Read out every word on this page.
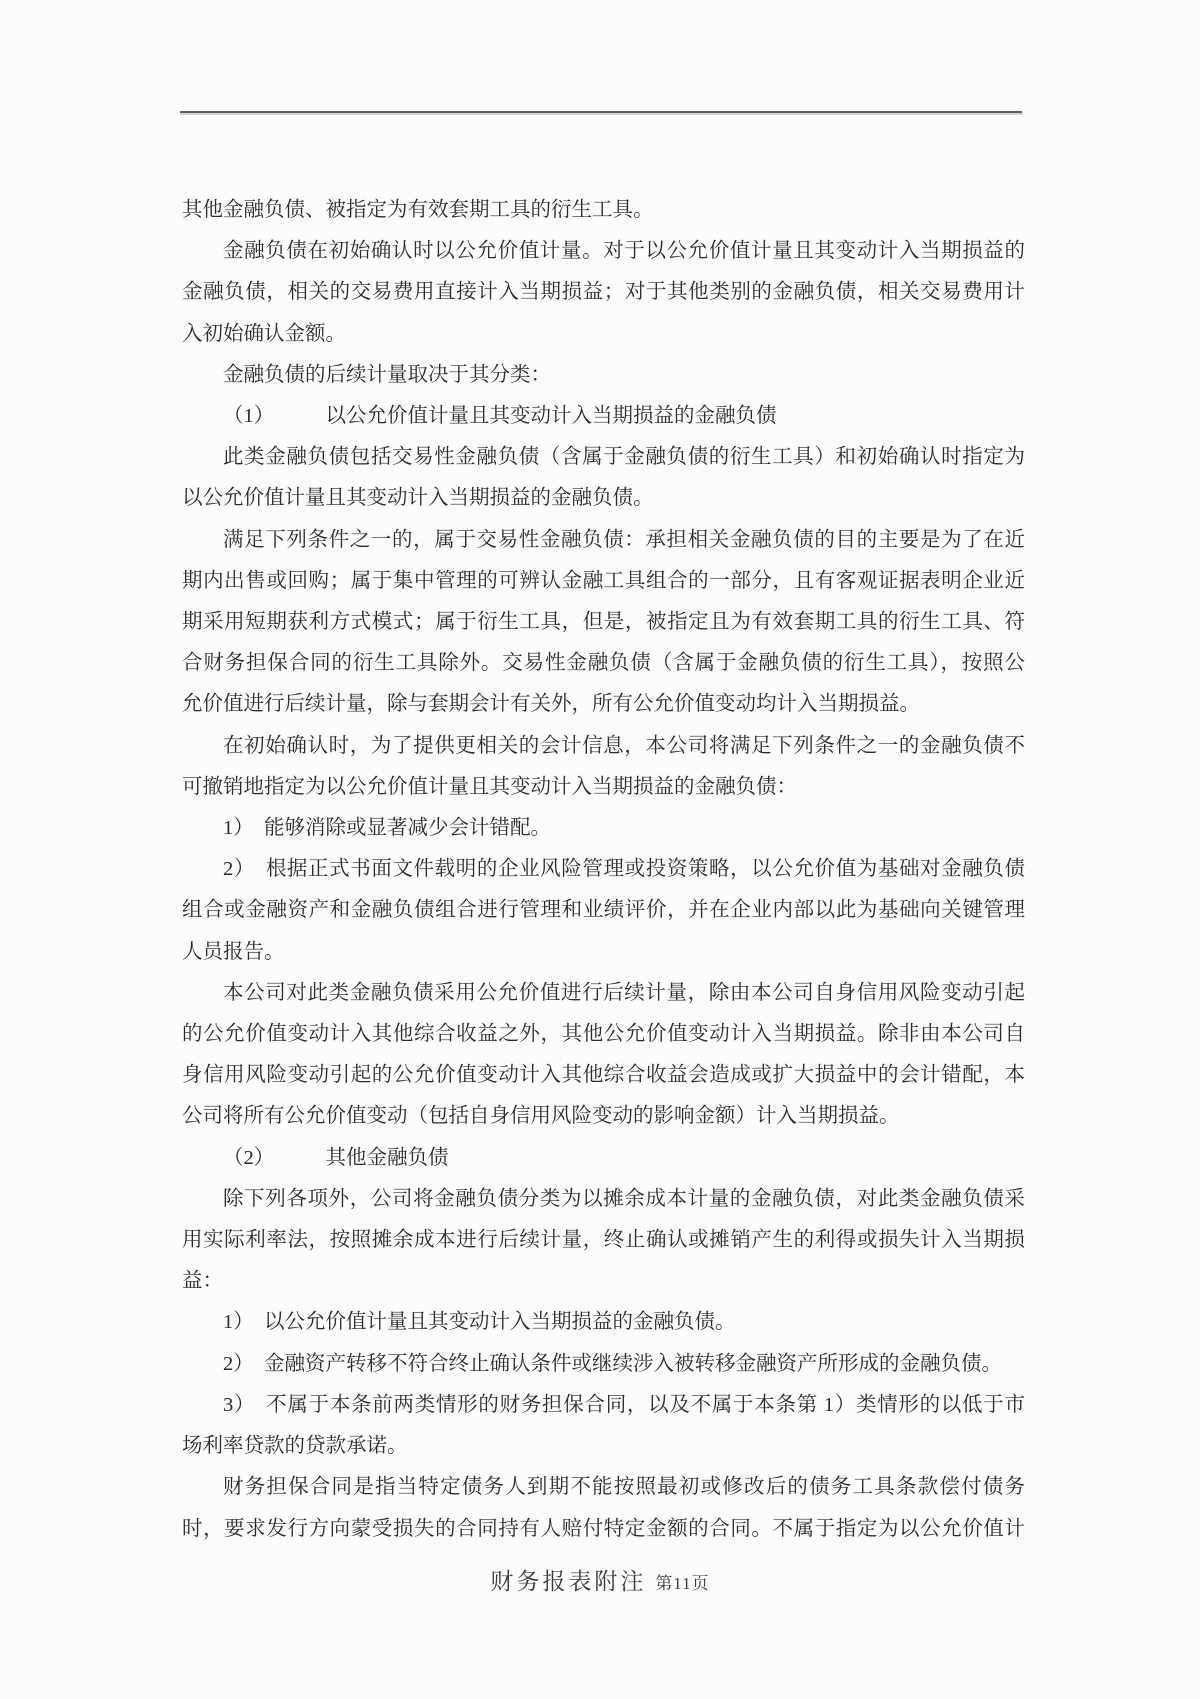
其他金融负债、被指定为有效套期工具的衍生工具。
金融负债在初始确认时以公允价值计量。对于以公允价值计量且其变动计入当期损益的
金融负债，相关的交易费用直接计入当期损益；对于其他类别的金融负债，相关交易费用计
入初始确认金额。
金融负债的后续计量取决于其分类：
（1）　　　以公允价值计量且其变动计入当期损益的金融负债
此类金融负债包括交易性金融负债（含属于金融负债的衍生工具）和初始确认时指定为
以公允价值计量且其变动计入当期损益的金融负债。
满足下列条件之一的，属于交易性金融负债：承担相关金融负债的目的主要是为了在近
期内出售或回购；属于集中管理的可辨认金融工具组合的一部分，且有客观证据表明企业近
期采用短期获利方式模式；属于衍生工具，但是，被指定且为有效套期工具的衍生工具、符
合财务担保合同的衍生工具除外。交易性金融负债（含属于金融负债的衍生工具），按照公
允价值进行后续计量，除与套期会计有关外，所有公允价值变动均计入当期损益。
在初始确认时，为了提供更相关的会计信息，本公司将满足下列条件之一的金融负债不
可撤销地指定为以公允价值计量且其变动计入当期损益的金融负债：
1）　能够消除或显著减少会计错配。
2）　根据正式书面文件载明的企业风险管理或投资策略，以公允价值为基础对金融负债
组合或金融资产和金融负债组合进行管理和业绩评价，并在企业内部以此为基础向关键管理
人员报告。
本公司对此类金融负债采用公允价值进行后续计量，除由本公司自身信用风险变动引起
的公允价值变动计入其他综合收益之外，其他公允价值变动计入当期损益。除非由本公司自
身信用风险变动引起的公允价值变动计入其他综合收益会造成或扩大损益中的会计错配，本
公司将所有公允价值变动（包括自身信用风险变动的影响金额）计入当期损益。
（2）　　　其他金融负债
除下列各项外，公司将金融负债分类为以摊余成本计量的金融负债，对此类金融负债采
用实际利率法，按照摊余成本进行后续计量，终止确认或摊销产生的利得或损失计入当期损
益：
1）　以公允价值计量且其变动计入当期损益的金融负债。
2）　金融资产转移不符合终止确认条件或继续涉入被转移金融资产所形成的金融负债。
3）　不属于本条前两类情形的财务担保合同，以及不属于本条第 1）类情形的以低于市
场利率贷款的贷款承诺。
财务担保合同是指当特定债务人到期不能按照最初或修改后的债务工具条款偿付债务
时，要求发行方向蒙受损失的合同持有人赔付特定金额的合同。不属于指定为以公允价值计
财务报表附注 第11页
